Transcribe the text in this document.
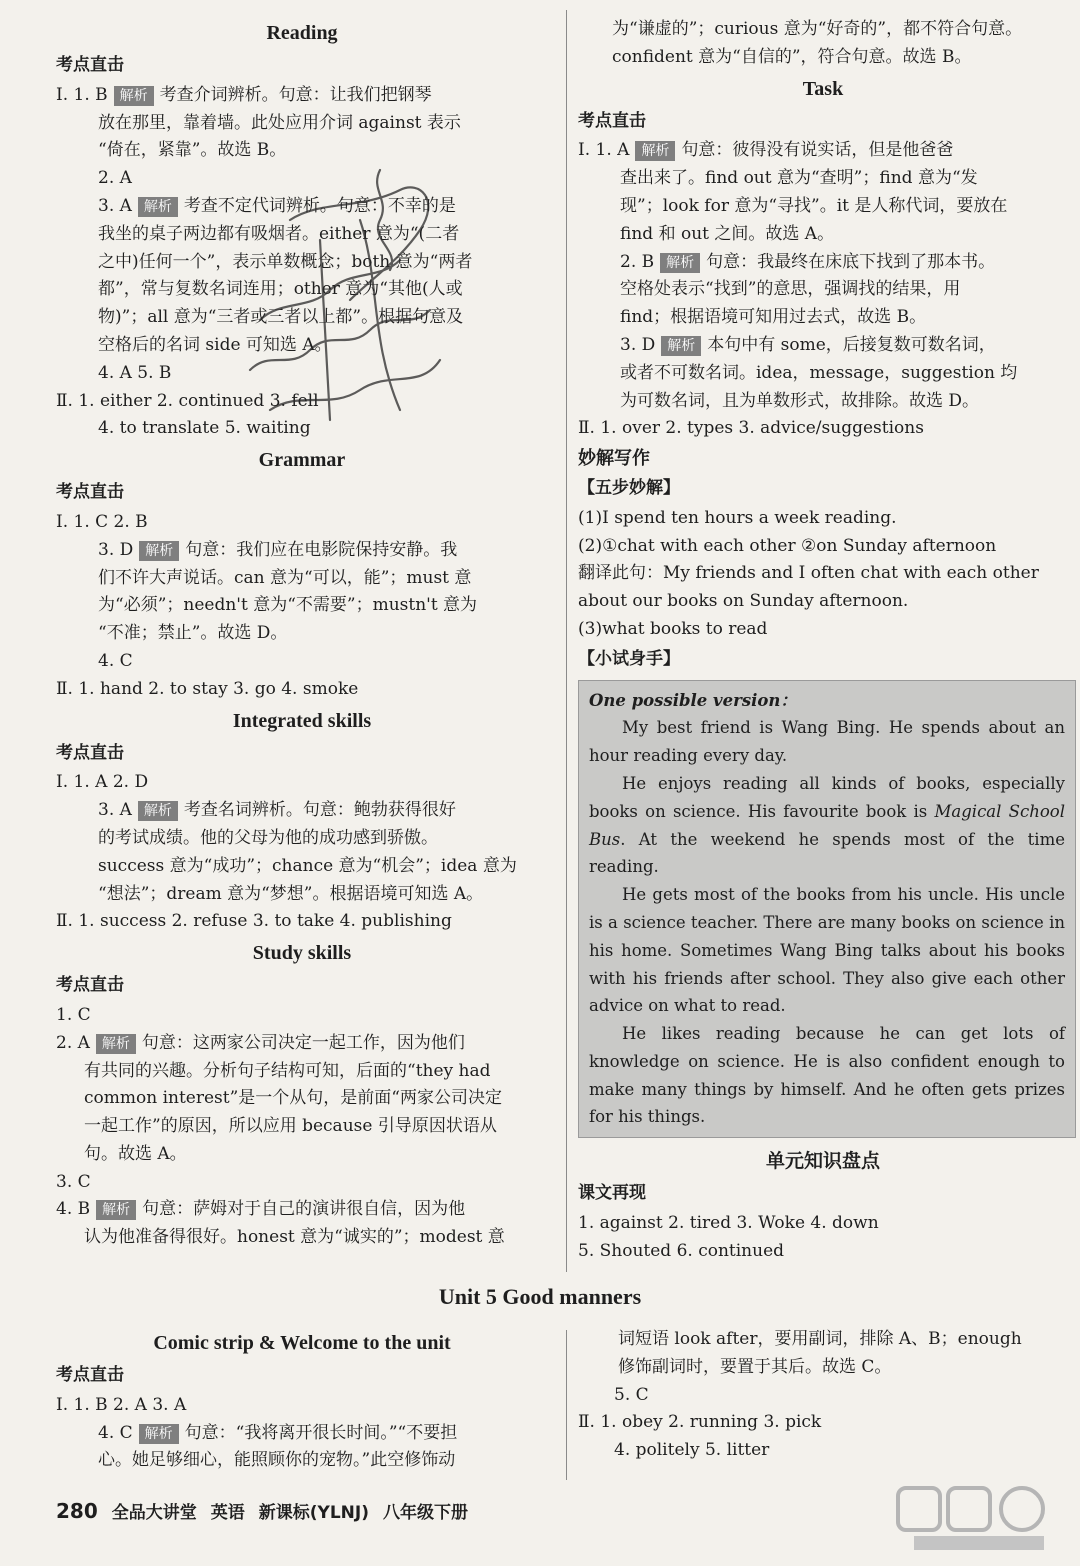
Reading
考点直击

Ⅰ. 1. B 解析 考查介词辨析。句意：让我们把钢琴

放在那里，靠着墙。此处应用介词 against 表示

“倚在，紧靠”。故选 B。

2. A

3. A 解析 考查不定代词辨析。句意：不幸的是

我坐的桌子两边都有吸烟者。either 意为“(二者

之中)任何一个”，表示单数概念；both 意为“两者

都”，常与复数名词连用；other 意为“其他(人或

物)”；all 意为“三者或三者以上都”。根据句意及

空格后的名词 side 可知选 A。

4. A 5. B

Ⅱ. 1. either 2. continued 3. fell

4. to translate 5. waiting

Grammar
考点直击

Ⅰ. 1. C 2. B

3. D 解析 句意：我们应在电影院保持安静。我

们不许大声说话。can 意为“可以，能”；must 意

为“必须”；needn't 意为“不需要”；mustn't 意为

“不准；禁止”。故选 D。

4. C

Ⅱ. 1. hand 2. to stay 3. go 4. smoke

Integrated skills
考点直击

Ⅰ. 1. A 2. D

3. A 解析 考查名词辨析。句意：鲍勃获得很好

的考试成绩。他的父母为他的成功感到骄傲。

success 意为“成功”；chance 意为“机会”；idea 意为

“想法”；dream 意为“梦想”。根据语境可知选 A。

Ⅱ. 1. success 2. refuse 3. to take 4. publishing

Study skills
考点直击

1. C

2. A 解析 句意：这两家公司决定一起工作，因为他们

有共同的兴趣。分析句子结构可知，后面的“they had

common interest”是一个从句，是前面“两家公司决定

一起工作”的原因，所以应用 because 引导原因状语从

句。故选 A。

3. C

4. B 解析 句意：萨姆对于自己的演讲很自信，因为他

认为他准备得很好。honest 意为“诚实的”；modest 意

为“谦虚的”；curious 意为“好奇的”，都不符合句意。

confident 意为“自信的”，符合句意。故选 B。

Task
考点直击

Ⅰ. 1. A 解析 句意：彼得没有说实话，但是他爸爸

查出来了。find out 意为“查明”；find 意为“发

现”；look for 意为“寻找”。it 是人称代词，要放在

find 和 out 之间。故选 A。

2. B 解析 句意：我最终在床底下找到了那本书。

空格处表示“找到”的意思，强调找的结果，用

find；根据语境可知用过去式，故选 B。

3. D 解析 本句中有 some，后接复数可数名词，

或者不可数名词。idea，message，suggestion 均

为可数名词，且为单数形式，故排除。故选 D。

Ⅱ. 1. over 2. types 3. advice/suggestions

妙解写作
【五步妙解】

(1)I spend ten hours a week reading.

(2)①chat with each other ②on Sunday afternoon

翻译此句：My friends and I often chat with each other

about our books on Sunday afternoon.

(3)what books to read

【小试身手】

One possible version：

My best friend is Wang Bing. He spends about an hour reading every day.

He enjoys reading all kinds of books, especially books on science. His favourite book is Magical School Bus. At the weekend he spends most of the time reading.

He gets most of the books from his uncle. His uncle is a science teacher. There are many books on science in his home. Sometimes Wang Bing talks about his books with his friends after school. They also give each other advice on what to read.

He likes reading because he can get lots of knowledge on science. He is also confident enough to make many things by himself. And he often gets prizes for his things.

单元知识盘点
课文再现

1. against 2. tired 3. Woke 4. down

5. Shouted 6. continued

Unit 5 Good manners
Comic strip & Welcome to the unit
考点直击

Ⅰ. 1. B 2. A 3. A

4. C 解析 句意：“我将离开很长时间。”“不要担

心。她足够细心，能照顾你的宠物。”此空修饰动

词短语 look after，要用副词，排除 A、B；enough

修饰副词时，要置于其后。故选 C。

5. C

Ⅱ. 1. obey 2. running 3. pick

4. politely 5. litter

280 全品大讲堂 英语 新课标(YLNJ) 八年级下册
